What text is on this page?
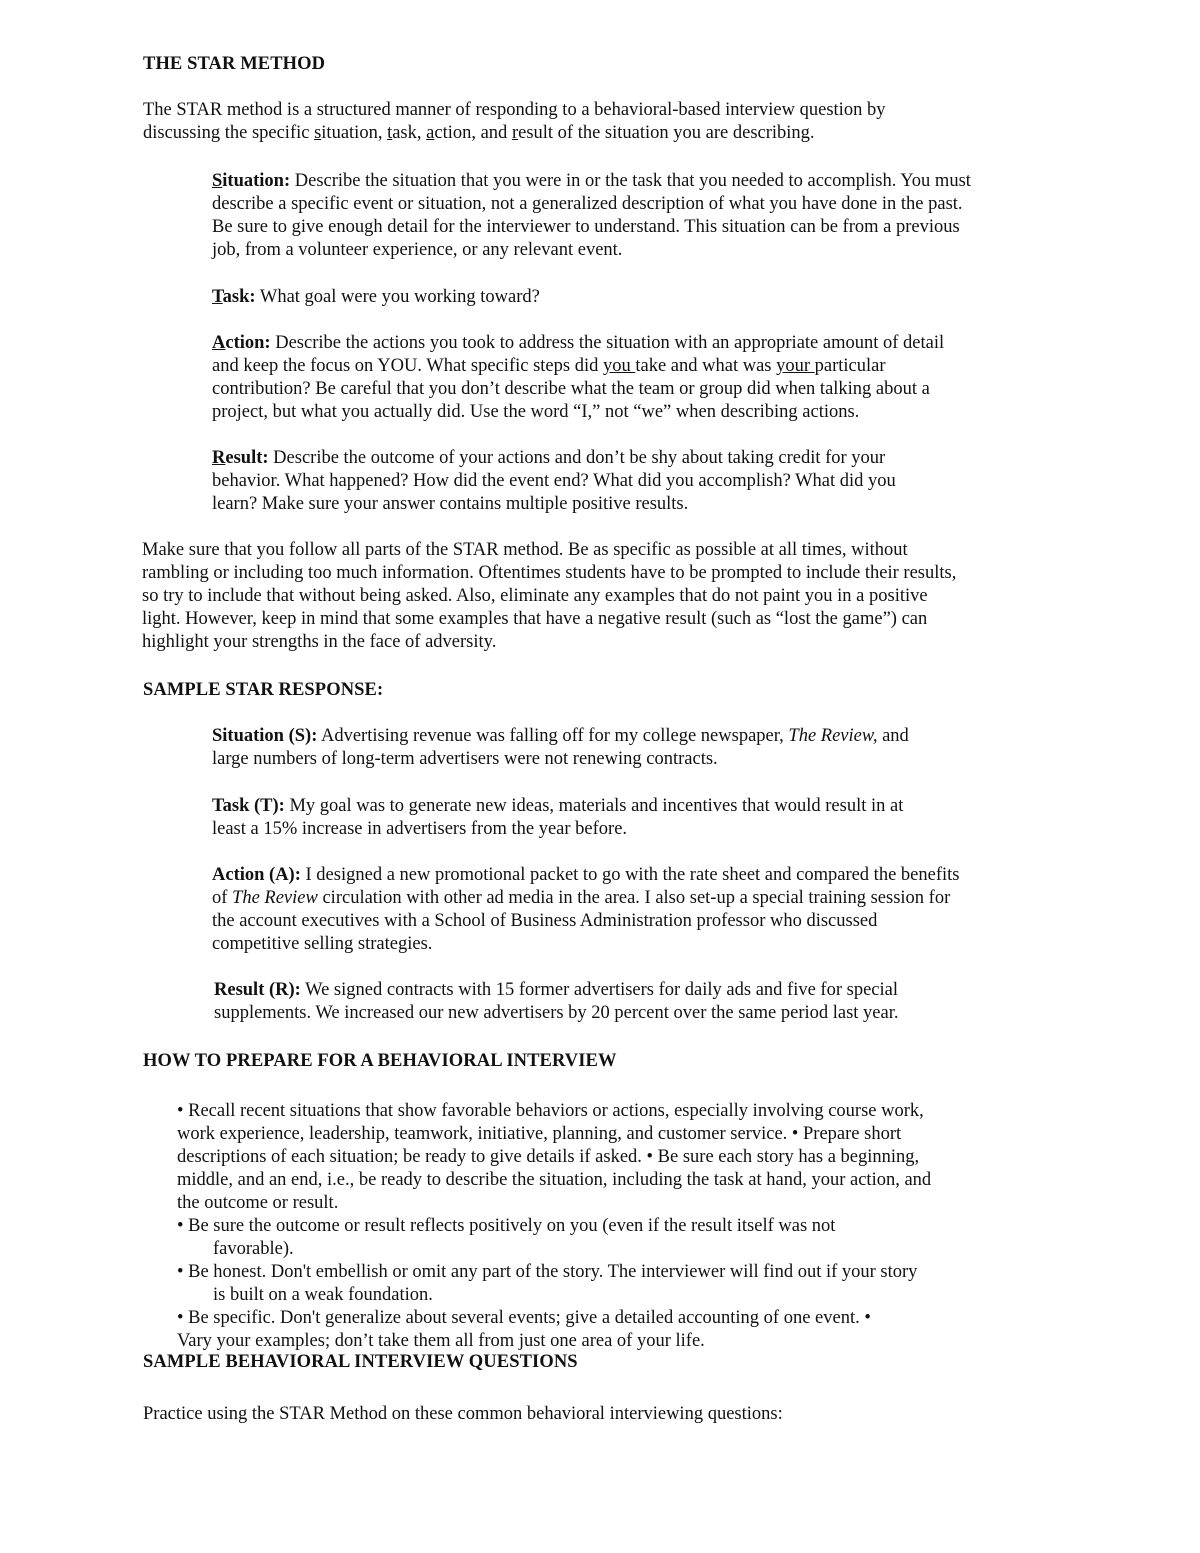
THE STAR METHOD

The STAR method is a structured manner of responding to a behavioral-based interview question by
discussing the specific situation, task, action, and result of the situation you are describing.

Situation: Describe the situation that you were in or the task that you needed to accomplish. You must
describe a specific event or situation, not a generalized description of what you have done in the past.
Be sure to give enough detail for the interviewer to understand. This situation can be from a previous
job, from a volunteer experience, or any relevant event.

Task: What goal were you working toward?

Action: Describe the actions you took to address the situation with an appropriate amount of detail
and keep the focus on YOU. What specific steps did you take and what was your particular
contribution? Be careful that you don’t describe what the team or group did when talking about a
project, but what you actually did. Use the word “I,” not “we” when describing actions.

Result: Describe the outcome of your actions and don’t be shy about taking credit for your
behavior. What happened? How did the event end? What did you accomplish? What did you
learn? Make sure your answer contains multiple positive results.

Make sure that you follow all parts of the STAR method. Be as specific as possible at all times, without
rambling or including too much information. Oftentimes students have to be prompted to include their results,
so try to include that without being asked. Also, eliminate any examples that do not paint you in a positive
light. However, keep in mind that some examples that have a negative result (such as “lost the game”) can
highlight your strengths in the face of adversity.

SAMPLE STAR RESPONSE:

Situation (S): Advertising revenue was falling off for my college newspaper, The Review, and
large numbers of long-term advertisers were not renewing contracts.

Task (T): My goal was to generate new ideas, materials and incentives that would result in at
least a 15% increase in advertisers from the year before.

Action (A): I designed a new promotional packet to go with the rate sheet and compared the benefits
of The Review circulation with other ad media in the area. I also set-up a special training session for
the account executives with a School of Business Administration professor who discussed
competitive selling strategies.

Result (R): We signed contracts with 15 former advertisers for daily ads and five for special
supplements. We increased our new advertisers by 20 percent over the same period last year.

HOW TO PREPARE FOR A BEHAVIORAL INTERVIEW
• Recall recent situations that show favorable behaviors or actions, especially involving course work,
work experience, leadership, teamwork, initiative, planning, and customer service. • Prepare short
descriptions of each situation; be ready to give details if asked. • Be sure each story has a beginning,
middle, and an end, i.e., be ready to describe the situation, including the task at hand, your action, and
the outcome or result.
• Be sure the outcome or result reflects positively on you (even if the result itself was not
favorable).
• Be honest. Don't embellish or omit any part of the story. The interviewer will find out if your story
is built on a weak foundation.
• Be specific. Don't generalize about several events; give a detailed accounting of one event. •
Vary your examples; don’t take them all from just one area of your life.
SAMPLE BEHAVIORAL INTERVIEW QUESTIONS

Practice using the STAR Method on these common behavioral interviewing questions:
